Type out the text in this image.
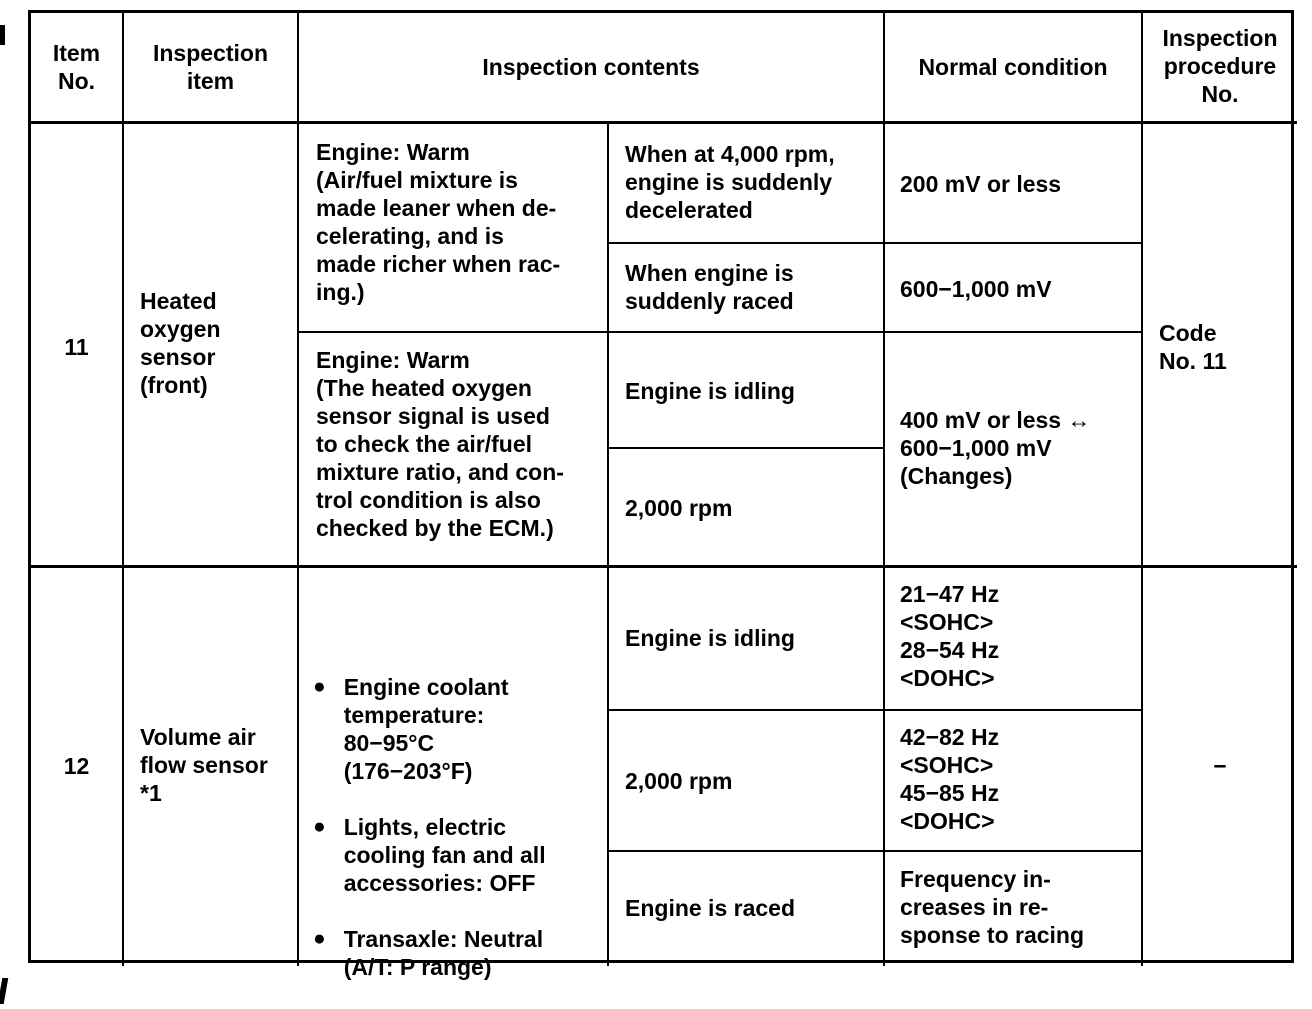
Item
No.
Inspection
item
Inspection contents	Normal condition
Inspection
procedure
No.
11
Heated
oxygen
sensor
(front)
Engine: Warm
(Air/fuel mixture is
made leaner when de-
celerating, and is
made richer when rac-
ing.)
When at 4,000 rpm,
engine is suddenly
decelerated
200 mV or less
When engine is
suddenly raced	600−1,000 mV
Engine: Warm
(The heated oxygen
sensor signal is used
to check the air/fuel
mixture ratio, and con-
trol condition is also
checked by the ECM.)
Engine is idling
2,000 rpm
400 mV or less ↔
600−1,000 mV
(Changes)
Code
No. 11
12
Volume air
flow sensor
*1

● Engine coolant
temperature:
80−95°C
(176−203°F)

● Lights, electric
cooling fan and all
accessories: OFF

● Transaxle: Neutral
(A/T: P range)

Engine is idling
21−47 Hz
<SOHC>
28−54 Hz
<DOHC>
2,000 rpm
42−82 Hz
<SOHC>
45−85 Hz
<DOHC>
Engine is raced
Frequency in-
creases in re-
sponse to racing
−
